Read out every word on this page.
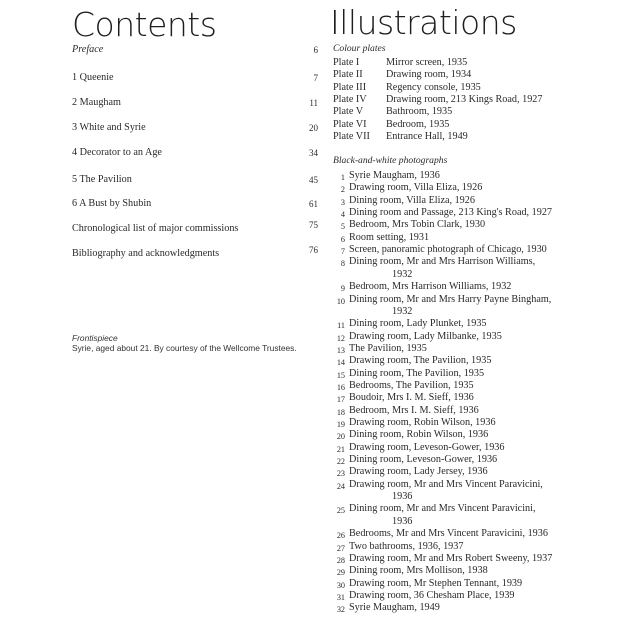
Contents	Illustrations
Preface	6
1 Queenie	7
2 Maugham	11
3 White and Syrie	20
4 Decorator to an Age	34
5 The Pavilion	45
6 A Bust by Shubin	61
Chronological list of major commissions	75
Bibliography and acknowledgments	76
Frontispiece
Syrie, aged about 21. By courtesy of the Wellcome Trustees.
Colour plates
Plate I	Mirror screen, 1935
Plate II Drawing room, 1934
Plate III Regency console, 1935
Plate IV Drawing room, 213 Kings Road, 1927
Plate V Bathroom, 1935
Plate VI Bedroom, 1935
Plate VII Entrance Hall, 1949
Black-and-white photographs
1 Syrie Maugham, 1936
2 Drawing room, Villa Eliza, 1926
3 Dining room, Villa Eliza, 1926
4 Dining room and Passage, 213 King's Road, 1927
5 Bedroom, Mrs Tobin Clark, 1930
6 Room setting, 1931
7 Screen, panoramic photograph of Chicago, 1930
8 Dining room, Mr and Mrs Harrison Williams,
1932
9 Bedroom, Mrs Harrison Williams, 1932
10 Dining room, Mr and Mrs Harry Payne Bingham,
1932
11 Dining room, Lady Plunket, 1935
12 Drawing room, Lady Milbanke, 1935
13 The Pavilion, 1935
14 Drawing room, The Pavilion, 1935
15 Dining room, The Pavilion, 1935
16 Bedrooms, The Pavilion, 1935
17 Boudoir, Mrs I. M. Sieff, 1936
18 Bedroom, Mrs I. M. Sieff, 1936
19 Drawing room, Robin Wilson, 1936
20 Dining room, Robin Wilson, 1936
21 Drawing room, Leveson-Gower, 1936
22 Dining room, Leveson-Gower, 1936
23 Drawing room, Lady Jersey, 1936
24 Drawing room, Mr and Mrs Vincent Paravicini,
1936
25 Dining room, Mr and Mrs Vincent Paravicini,
1936
26 Bedrooms, Mr and Mrs Vincent Paravicini, 1936
27 Two bathrooms, 1936, 1937
28 Drawing room, Mr and Mrs Robert Sweeny, 1937
29 Dining room, Mrs Mollison, 1938
30 Drawing room, Mr Stephen Tennant, 1939
31 Drawing room, 36 Chesham Place, 1939
32 Syrie Maugham, 1949
